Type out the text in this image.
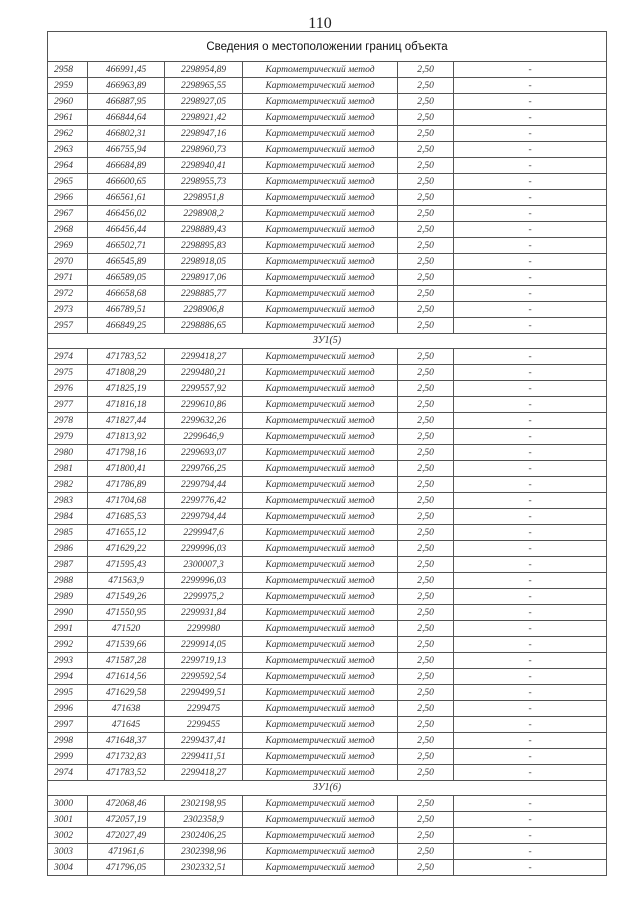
110
Сведения о местоположении границ объекта					
2958	466991,45	2298954,89	Картометрический метод	2,50	-
2959	466963,89	2298965,55	Картометрический метод	2,50	-
2960	466887,95	2298927,05	Картометрический метод	2,50	-
2961	466844,64	2298921,42	Картометрический метод	2,50	-
2962	466802,31	2298947,16	Картометрический метод	2,50	-
2963	466755,94	2298960,73	Картометрический метод	2,50	-
2964	466684,89	2298940,41	Картометрический метод	2,50	-
2965	466600,65	2298955,73	Картометрический метод	2,50	-
2966	466561,61	2298951,8	Картометрический метод	2,50	-
2967	466456,02	2298908,2	Картометрический метод	2,50	-
2968	466456,44	2298889,43	Картометрический метод	2,50	-
2969	466502,71	2298895,83	Картометрический метод	2,50	-
2970	466545,89	2298918,05	Картометрический метод	2,50	-
2971	466589,05	2298917,06	Картометрический метод	2,50	-
2972	466658,68	2298885,77	Картометрический метод	2,50	-
2973	466789,51	2298906,8	Картометрический метод	2,50	-
2957	466849,25	2298886,65	Картометрический метод	2,50	-
ЗУ1(5)					
2974	471783,52	2299418,27	Картометрический метод	2,50	-
2975	471808,29	2299480,21	Картометрический метод	2,50	-
2976	471825,19	2299557,92	Картометрический метод	2,50	-
2977	471816,18	2299610,86	Картометрический метод	2,50	-
2978	471827,44	2299632,26	Картометрический метод	2,50	-
2979	471813,92	2299646,9	Картометрический метод	2,50	-
2980	471798,16	2299693,07	Картометрический метод	2,50	-
2981	471800,41	2299766,25	Картометрический метод	2,50	-
2982	471786,89	2299794,44	Картометрический метод	2,50	-
2983	471704,68	2299776,42	Картометрический метод	2,50	-
2984	471685,53	2299794,44	Картометрический метод	2,50	-
2985	471655,12	2299947,6	Картометрический метод	2,50	-
2986	471629,22	2299996,03	Картометрический метод	2,50	-
2987	471595,43	2300007,3	Картометрический метод	2,50	-
2988	471563,9	2299996,03	Картометрический метод	2,50	-
2989	471549,26	2299975,2	Картометрический метод	2,50	-
2990	471550,95	2299931,84	Картометрический метод	2,50	-
2991	471520	2299980	Картометрический метод	2,50	-
2992	471539,66	2299914,05	Картометрический метод	2,50	-
2993	471587,28	2299719,13	Картометрический метод	2,50	-
2994	471614,56	2299592,54	Картометрический метод	2,50	-
2995	471629,58	2299499,51	Картометрический метод	2,50	-
2996	471638	2299475	Картометрический метод	2,50	-
2997	471645	2299455	Картометрический метод	2,50	-
2998	471648,37	2299437,41	Картометрический метод	2,50	-
2999	471732,83	2299411,51	Картометрический метод	2,50	-
2974	471783,52	2299418,27	Картометрический метод	2,50	-
ЗУ1(6)					
3000	472068,46	2302198,95	Картометрический метод	2,50	-
3001	472057,19	2302358,9	Картометрический метод	2,50	-
3002	472027,49	2302406,25	Картометрический метод	2,50	-
3003	471961,6	2302398,96	Картометрический метод	2,50	-
3004	471796,05	2302332,51	Картометрический метод	2,50	-
